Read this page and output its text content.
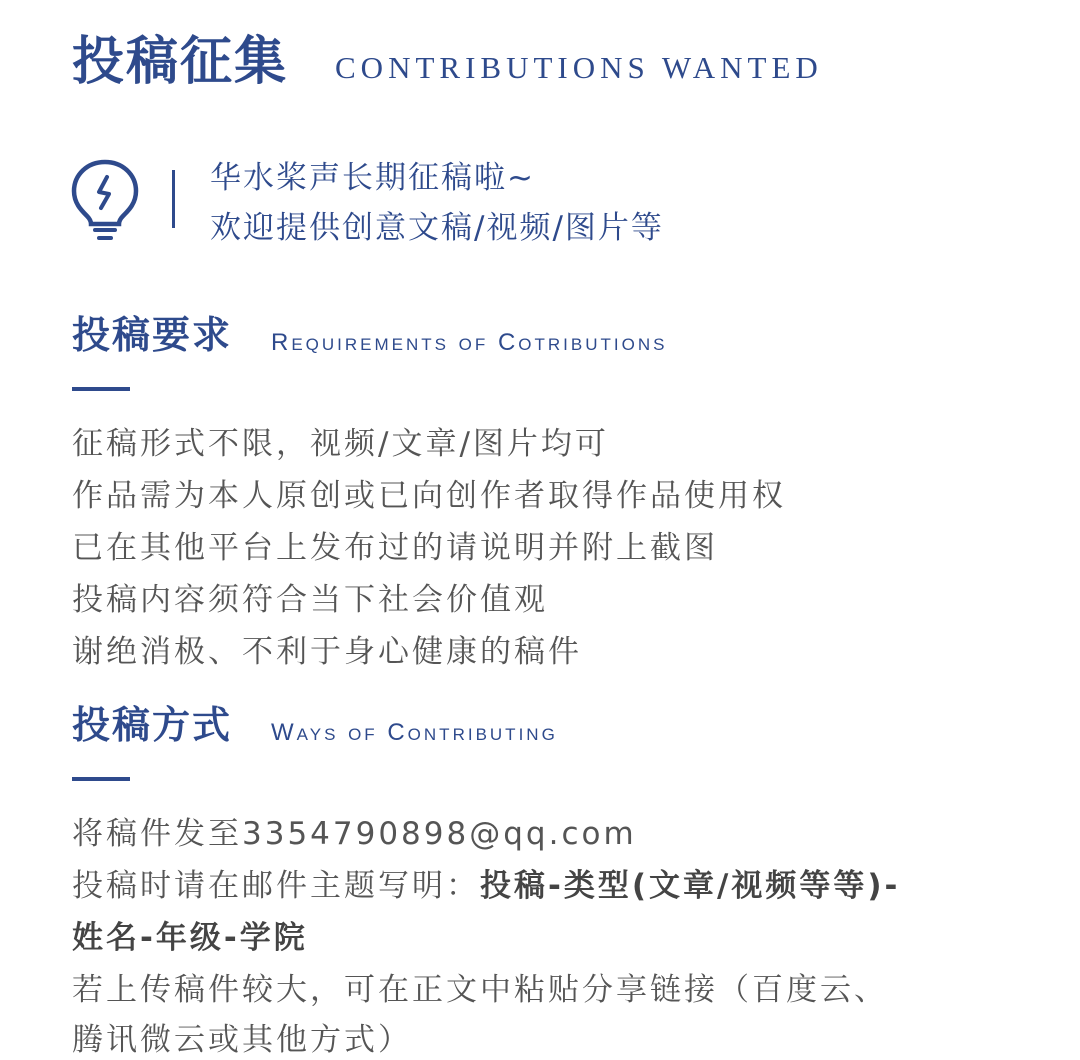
投稿征集 CONTRIBUTIONS WANTED
华水桨声长期征稿啦~
欢迎提供创意文稿/视频/图片等
投稿要求 Requirements of Cotributions
征稿形式不限，视频/文章/图片均可
作品需为本人原创或已向创作者取得作品使用权
已在其他平台上发布过的请说明并附上截图
投稿内容须符合当下社会价值观
谢绝消极、不利于身心健康的稿件
投稿方式 Ways of Contributing
将稿件发至3354790898@qq.com
投稿时请在邮件主题写明：投稿-类型(文章/视频等等)-
姓名-年级-学院
若上传稿件较大，可在正文中粘贴分享链接（百度云、
腾讯微云或其他方式）
